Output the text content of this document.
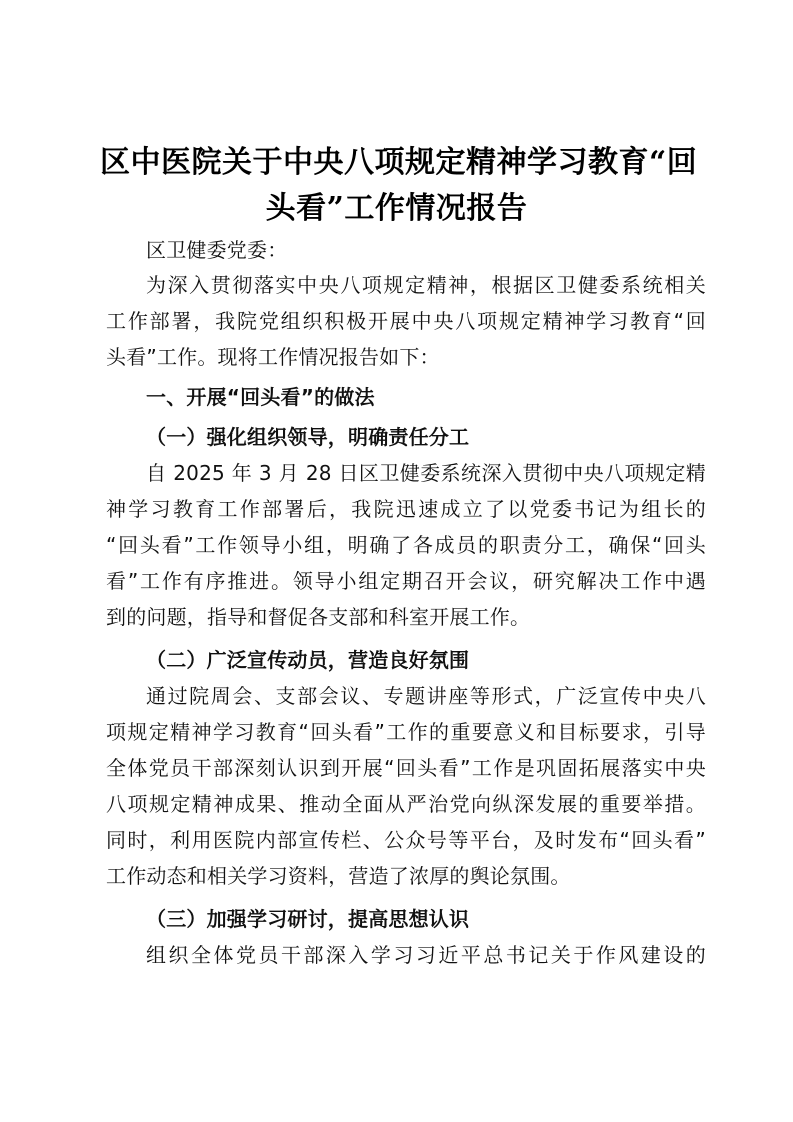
区中医院关于中央八项规定精神学习教育“回
头看”工作情况报告
区卫健委党委：
为深入贯彻落实中央八项规定精神，根据区卫健委系统相关
工作部署，我院党组织积极开展中央八项规定精神学习教育“回
头看”工作。现将工作情况报告如下：
一、开展“回头看”的做法
（一）强化组织领导，明确责任分工
自 2025 年 3 月 28 日区卫健委系统深入贯彻中央八项规定精
神学习教育工作部署后，我院迅速成立了以党委书记为组长的
“回头看”工作领导小组，明确了各成员的职责分工，确保“回头
看”工作有序推进。领导小组定期召开会议，研究解决工作中遇
到的问题，指导和督促各支部和科室开展工作。
（二）广泛宣传动员，营造良好氛围
通过院周会、支部会议、专题讲座等形式，广泛宣传中央八
项规定精神学习教育“回头看”工作的重要意义和目标要求，引导
全体党员干部深刻认识到开展“回头看”工作是巩固拓展落实中央
八项规定精神成果、推动全面从严治党向纵深发展的重要举措。
同时，利用医院内部宣传栏、公众号等平台，及时发布“回头看”
工作动态和相关学习资料，营造了浓厚的舆论氛围。
（三）加强学习研讨，提高思想认识
组织全体党员干部深入学习习近平总书记关于作风建设的
